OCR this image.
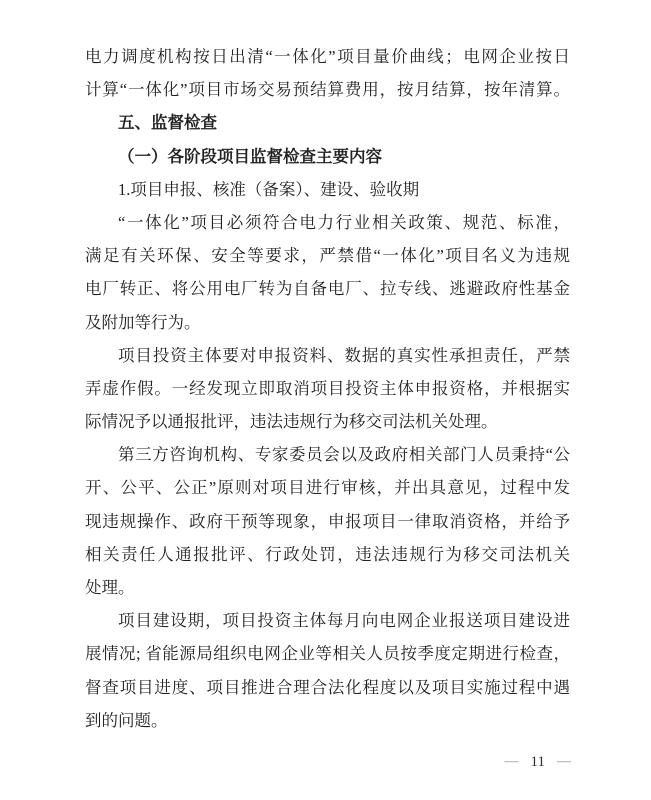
电力调度机构按日出清“一体化”项目量价曲线；电网企业按日
计算“一体化”项目市场交易预结算费用，按月结算，按年清算。
五、监督检查
（一）各阶段项目监督检查主要内容
1.项目申报、核准（备案）、建设、验收期
“一体化”项目必须符合电力行业相关政策、规范、标准，
满足有关环保、安全等要求，严禁借“一体化”项目名义为违规
电厂转正、将公用电厂转为自备电厂、拉专线、逃避政府性基金
及附加等行为。
项目投资主体要对申报资料、数据的真实性承担责任，严禁
弄虚作假。一经发现立即取消项目投资主体申报资格，并根据实
际情况予以通报批评，违法违规行为移交司法机关处理。
第三方咨询机构、专家委员会以及政府相关部门人员秉持“公
开、公平、公正”原则对项目进行审核，并出具意见，过程中发
现违规操作、政府干预等现象，申报项目一律取消资格，并给予
相关责任人通报批评、行政处罚，违法违规行为移交司法机关
处理。
项目建设期，项目投资主体每月向电网企业报送项目建设进
展情况; 省能源局组织电网企业等相关人员按季度定期进行检查，
督查项目进度、项目推进合理合法化程度以及项目实施过程中遇
到的问题。
— 11 —
